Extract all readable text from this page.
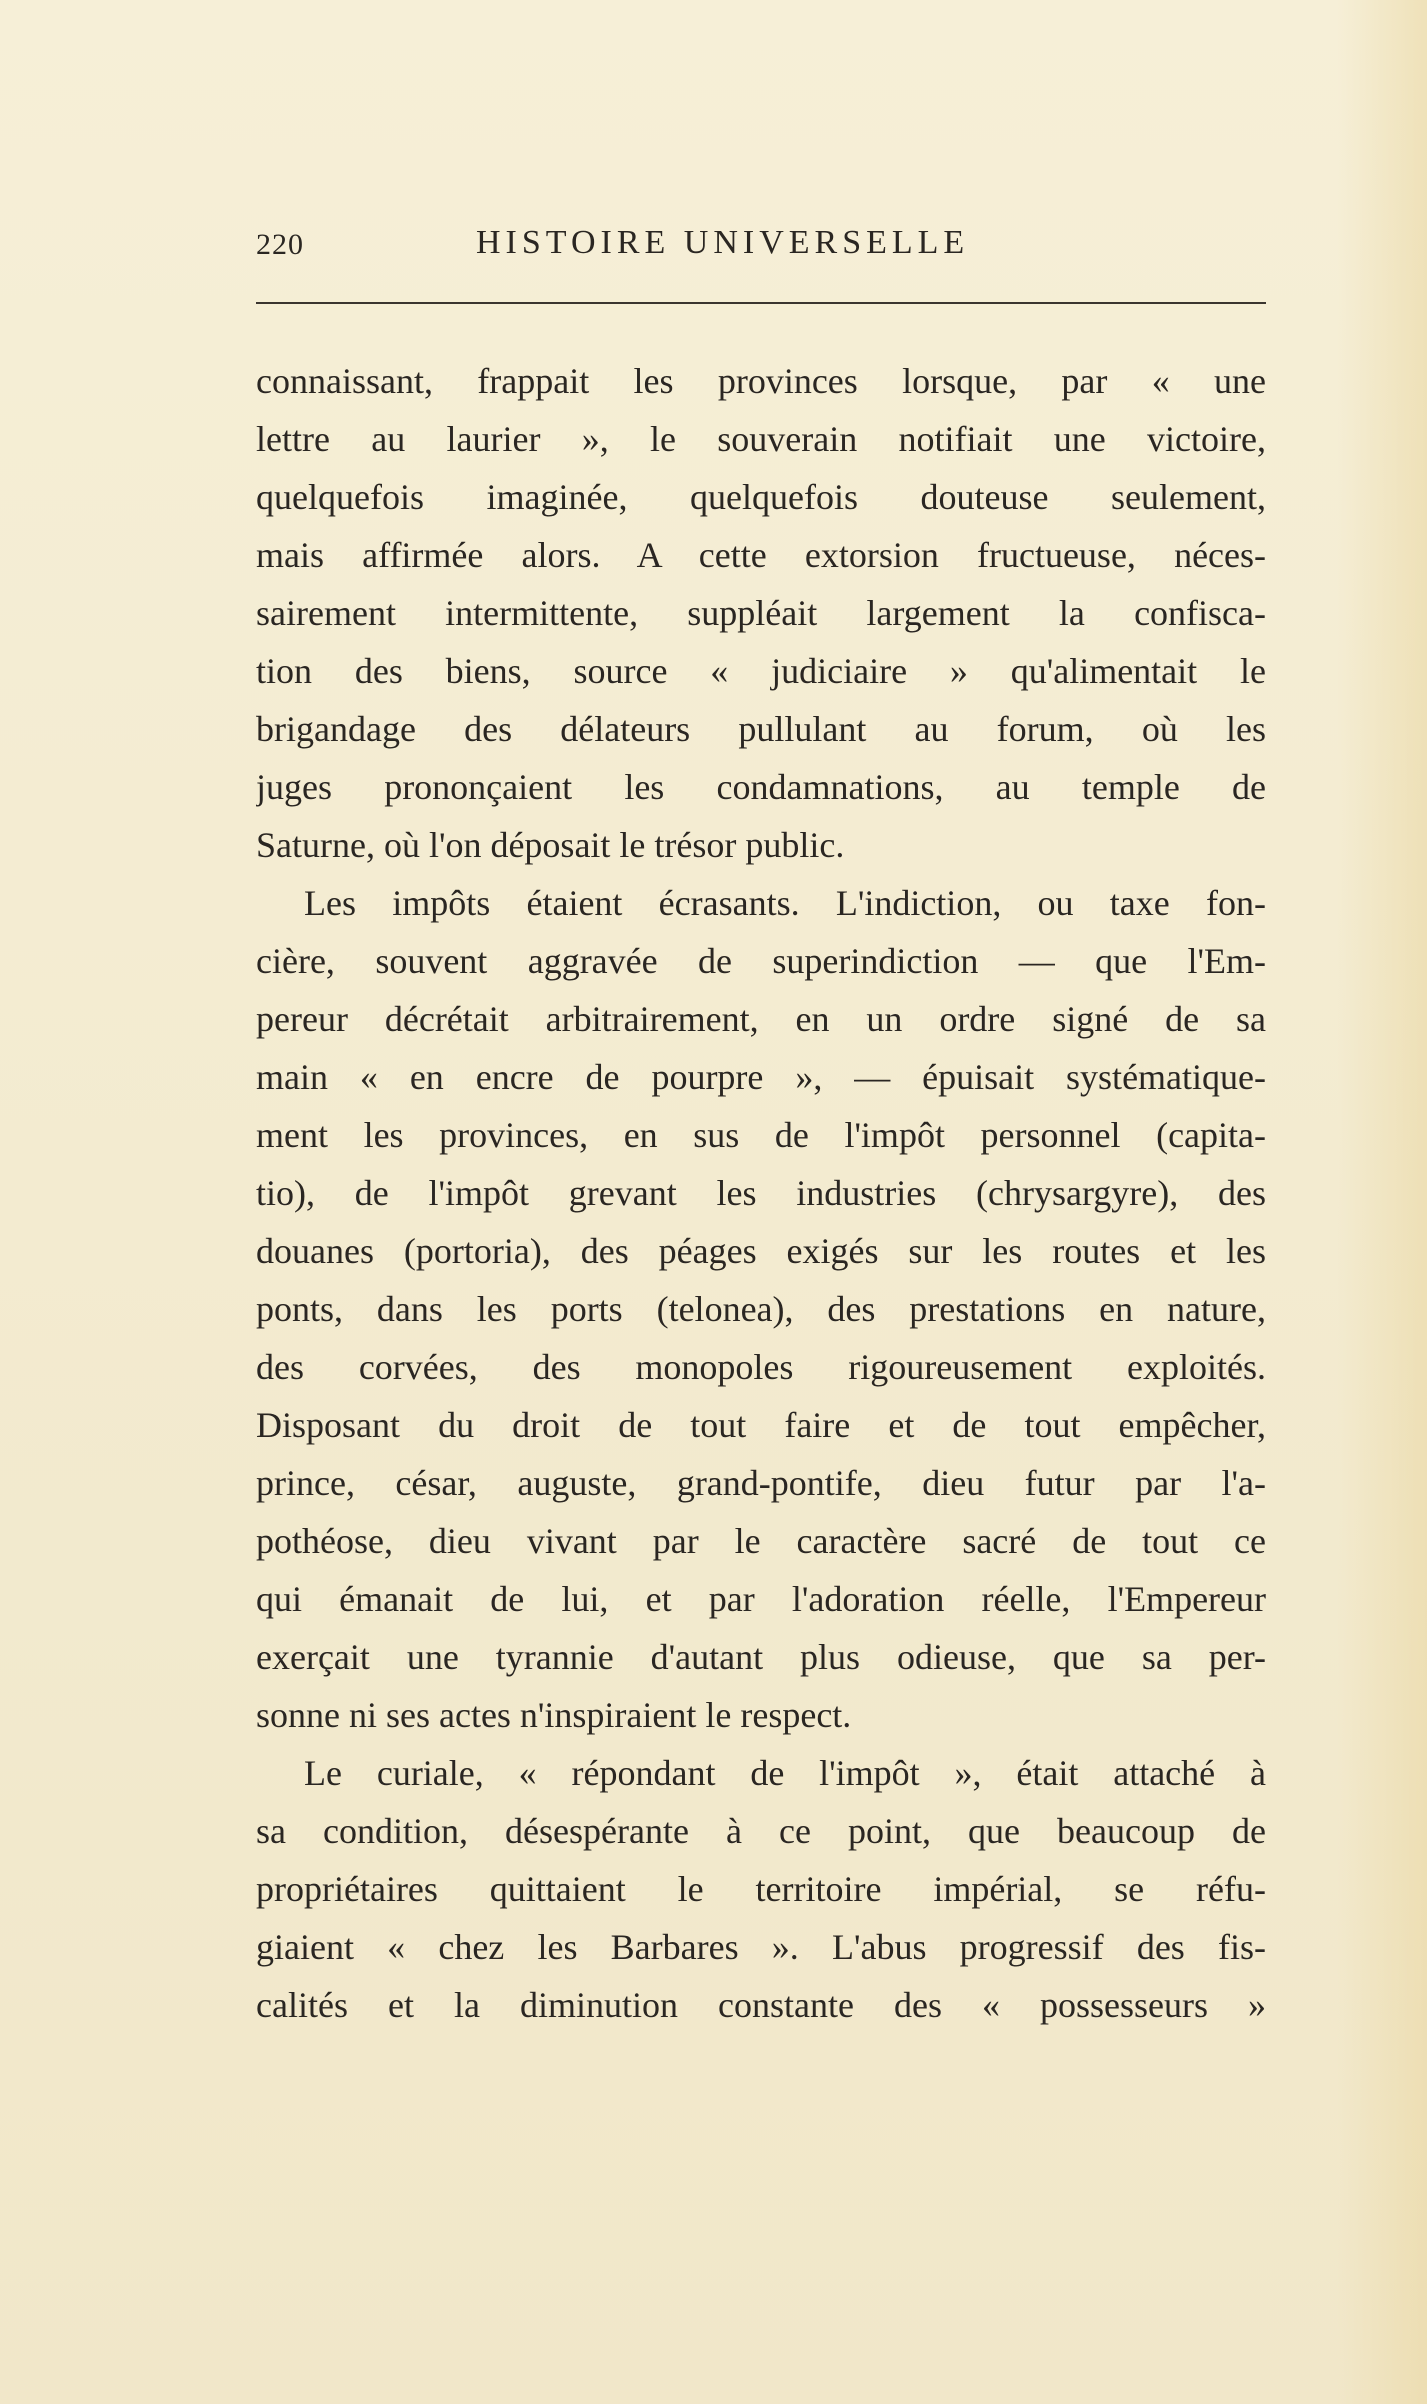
220	HISTOIRE UNIVERSELLE
connaissant, frappait les provinces lorsque, par « une
lettre au laurier », le souverain notifiait une victoire,
quelquefois imaginée, quelquefois douteuse seulement,
mais affirmée alors. A cette extorsion fructueuse, néces-
sairement intermittente, suppléait largement la confisca-
tion des biens, source « judiciaire » qu'alimentait le
brigandage des délateurs pullulant au forum, où les
juges prononçaient les condamnations, au temple de
Saturne, où l'on déposait le trésor public.
Les impôts étaient écrasants. L'indiction, ou taxe fon-
cière, souvent aggravée de superindiction — que l'Em-
pereur décrétait arbitrairement, en un ordre signé de sa
main « en encre de pourpre », — épuisait systématique-
ment les provinces, en sus de l'impôt personnel (capita-
tio), de l'impôt grevant les industries (chrysargyre), des
douanes (portoria), des péages exigés sur les routes et les
ponts, dans les ports (telonea), des prestations en nature,
des corvées, des monopoles rigoureusement exploités.
Disposant du droit de tout faire et de tout empêcher,
prince, césar, auguste, grand-pontife, dieu futur par l'a-
pothéose, dieu vivant par le caractère sacré de tout ce
qui émanait de lui, et par l'adoration réelle, l'Empereur
exerçait une tyrannie d'autant plus odieuse, que sa per-
sonne ni ses actes n'inspiraient le respect.
Le curiale, « répondant de l'impôt », était attaché à
sa condition, désespérante à ce point, que beaucoup de
propriétaires quittaient le territoire impérial, se réfu-
giaient « chez les Barbares ». L'abus progressif des fis-
calités et la diminution constante des « possesseurs »
